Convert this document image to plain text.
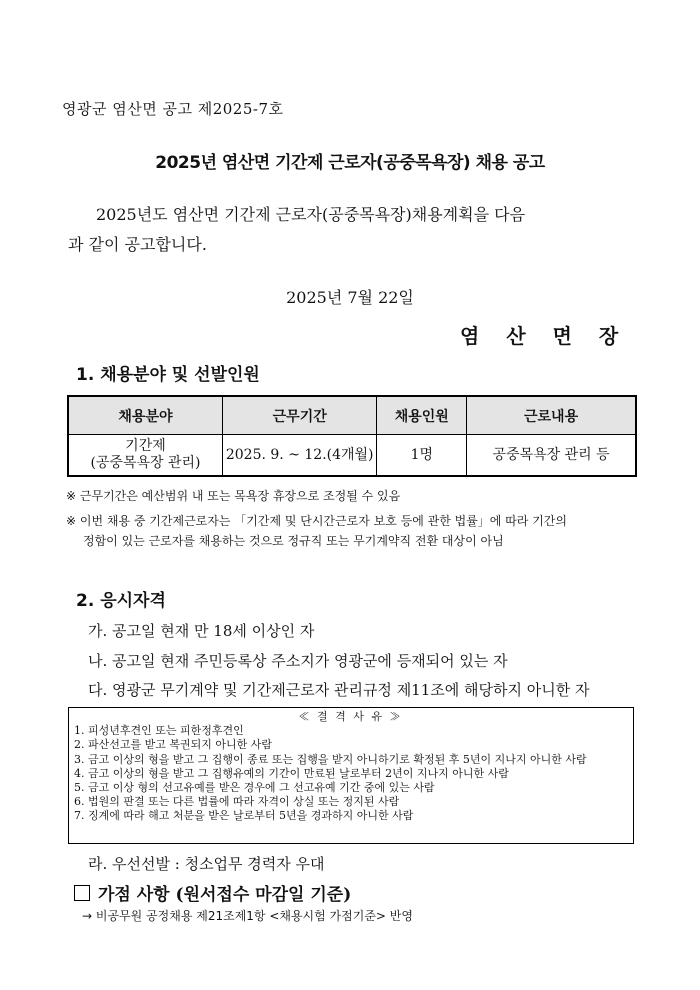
영광군 염산면 공고 제2025-7호
2025년 염산면 기간제 근로자(공중목욕장) 채용 공고
2025년도 염산면 기간제 근로자(공중목욕장)채용계획을 다음
과 같이 공고합니다.
2025년 7월 22일
염 산 면 장
1. 채용분야 및 선발인원
채용분야	근무기간	채용인원	근로내용

기간제
(공중목욕장 관리)	2025. 9. ~ 12.(4개월)	1명	공중목욕장 관리 등
※ 근무기간은 예산범위 내 또는 목욕장 휴장으로 조정될 수 있음
※ 이번 채용 중 기간제근로자는 「기간제 및 단시간근로자 보호 등에 관한 법률」에 따라 기간의
정함이 있는 근로자를 채용하는 것으로 정규직 또는 무기계약직 전환 대상이 아님
2. 응시자격
가. 공고일 현재 만 18세 이상인 자
나. 공고일 현재 주민등록상 주소지가 영광군에 등재되어 있는 자
다. 영광군 무기계약 및 기간제근로자 관리규정 제11조에 해당하지 아니한 자
≪ 결 격 사 유 ≫
1. 피성년후견인 또는 피한정후견인
2. 파산선고를 받고 복권되지 아니한 사람
3. 금고 이상의 형을 받고 그 집행이 종료 또는 집행을 받지 아니하기로 확정된 후 5년이 지나지 아니한 사람
4. 금고 이상의 형을 받고 그 집행유예의 기간이 만료된 날로부터 2년이 지나지 아니한 사람
5. 금고 이상 형의 선고유예를 받은 경우에 그 선고유예 기간 중에 있는 사람
6. 법원의 판결 또는 다른 법률에 따라 자격이 상실 또는 정지된 사람
7. 징계에 따라 해고 처분을 받은 날로부터 5년을 경과하지 아니한 사람
라. 우선선발 : 청소업무 경력자 우대
가점 사항 (원서접수 마감일 기준)
→ 비공무원 공정채용 제21조제1항 <채용시험 가점기준> 반영
